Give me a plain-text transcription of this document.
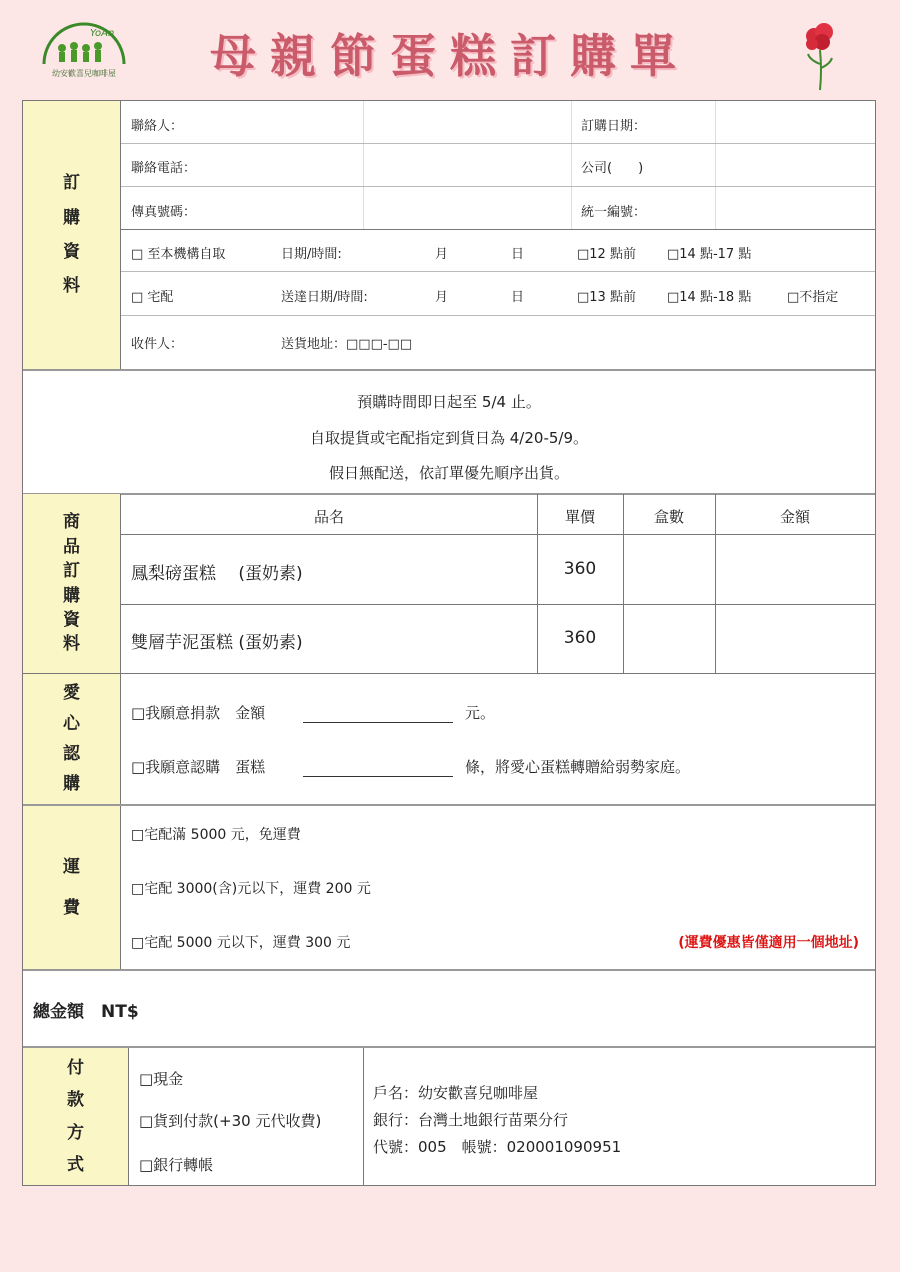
YoAn
幼安歡喜兒咖啡屋	母親節蛋糕訂購單
訂
購
資
料
聯絡人：	訂購日期：
聯絡電話：	公司(　　)
傳真號碼：	統一編號：
□ 至本機構自取	日期/時間:	月	日	□12 點前 □14 點-17 點
□ 宅配	送達日期/時間:	月	日	□13 點前 □14 點-18 點	□不指定
收件人：	送貨地址：□□□-□□
預購時間即日起至 5/4 止。
自取提貨或宅配指定到貨日為 4/20-5/9。
假日無配送，依訂單優先順序出貨。
商
品
訂
購
資
料
品名	單價	盒數	金額
鳳梨磅蛋糕　 (蛋奶素)	360
雙層芋泥蛋糕 (蛋奶素)	360
愛
心
認
購
□我願意捐款　金額	元。
□我願意認購　蛋糕	條，將愛心蛋糕轉贈給弱勢家庭。
運
費
□宅配滿 5000 元，免運費
□宅配 3000(含)元以下，運費 200 元
□宅配 5000 元以下，運費 300 元	(運費優惠皆僅適用一個地址)
總金額　NT$
付
款
方
式
□現金
□貨到付款(+30 元代收費)
□銀行轉帳
戶名：幼安歡喜兒咖啡屋
銀行：台灣土地銀行苗栗分行
代號：005　帳號：020001090951
